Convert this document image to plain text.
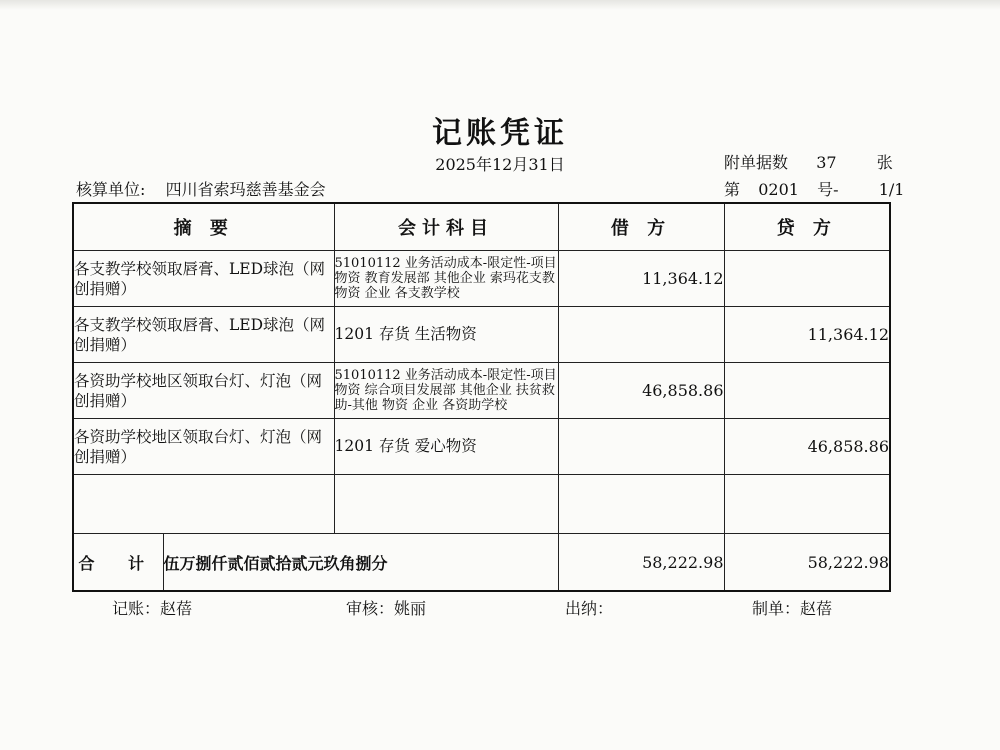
记账凭证
2025年12月31日	附单据数 37	张
核算单位: 四川省索玛慈善基金会	第 0201 号-	1/1
摘 要		会计科目	借 方	贷 方
各支教学校领取唇膏、LED球泡（网创捐赠）		51010112 业务活动成本-限定性-项目物资 教育发展部 其他企业 索玛花支教 物资 企业 各支教学校	11,364.12	
各支教学校领取唇膏、LED球泡（网创捐赠）		1201 存货 生活物资		11,364.12
各资助学校地区领取台灯、灯泡（网创捐赠）		51010112 业务活动成本-限定性-项目物资 综合项目发展部 其他企业 扶贫救助-其他 物资 企业 各资助学校	46,858.86	
各资助学校地区领取台灯、灯泡（网创捐赠）		1201 存货 爱心物资		46,858.86

合 计	伍万捌仟贰佰贰拾贰元玖角捌分		58,222.98	58,222.98
记账：赵蓓	审核：姚丽	出纳：	制单：赵蓓
